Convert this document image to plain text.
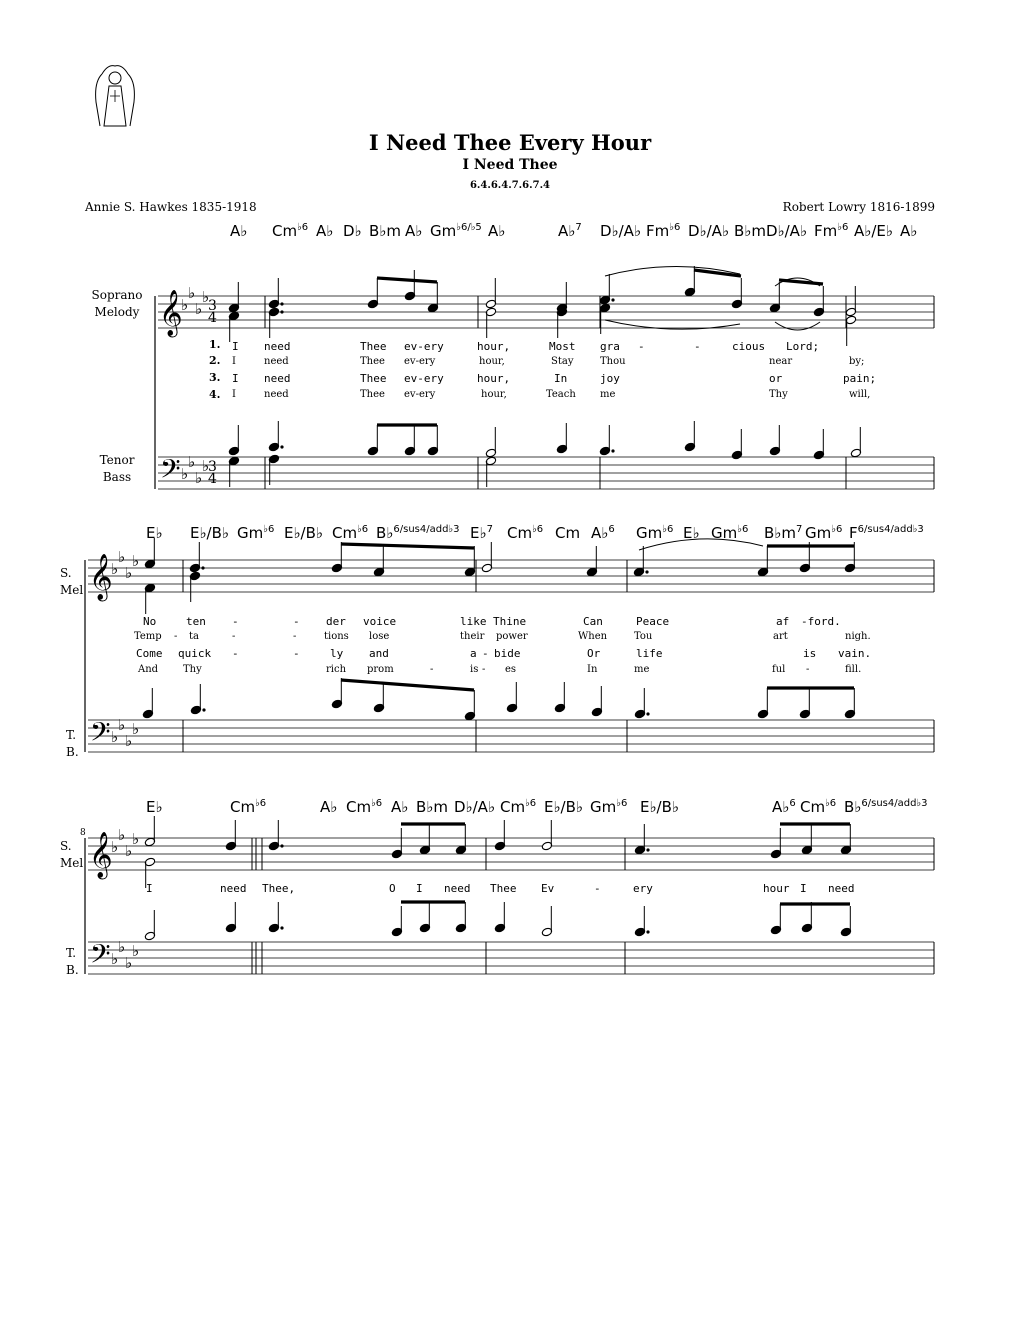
I Need Thee Every Hour
I Need Thee
6.4.6.4.7.6.7.4
Annie S. Hawkes 1835-1918	Robert Lowry 1816-1899
Soprano
Melody
Tenor
Bass
A♭ $Cm^{♭6}$ A♭ D♭ B♭m A♭ $Gm^{♭6/♭5}$ A♭	A♭$^7$ D♭/A♭ $Fm^{♭6}$ D♭/A♭ B♭m D♭/A♭ $Fm^{♭6}$ A♭/E♭ A♭
1.
2.
3.
4.
I need	Thee ev-ery	hour,	Most gra -	-	cious Lord;
I	need	Thee ev-ery	hour,	Stay	Thou	near	by;
I need	Thee ev-ery	hour,	In	joy	or	pain;
I	need	Thee ev-ery	hour,	Teach me	Thy	will,
S.
Mel
T.
B.
E♭ E♭/B♭ $Gm^{♭6}$ E♭/B♭ $Cm^{♭6}$ B♭$^{6/sus4/add♭3}$ E♭$^7$ $Cm^{♭6}$ Cm A♭$^6$ $Gm^{♭6}$ E♭ $Gm^{♭6}$ $B♭m^7$ $Gm^{♭6}$ $F^{6/sus4/add♭3}$
No	ten -	- der voice	like Thine	Can	Peace	af -ford.
Temp - ta	-	-	tions lose	their power	When	Tou	art	nigh.
Come quick -	-	ly and	a - bide	Or	life	is vain.
And Thy	rich prom	-	is - es	In	me	ful -	fill.
8
S.
Mel
T.
B.
E♭	$Cm^{♭6}$	A♭ $Cm^{♭6}$ A♭ B♭m D♭/A♭ $Cm^{♭6}$ E♭/B♭ $Gm^{♭6}$ E♭/B♭	A♭$^6$ $Cm^{♭6}$ B♭$^{6/sus4/add♭3}$
I	need Thee,	O I need Thee Ev	-	ery	hour I need
𝄞
𝄢
♭
♭
♭
♭
♭
♭
♭
♭
3
4
3
4
𝄞
𝄢
♭
♭
♭
♭
♭
♭
♭
♭
𝄞
𝄢
♭
♭
♭
♭
♭
♭
♭
♭
